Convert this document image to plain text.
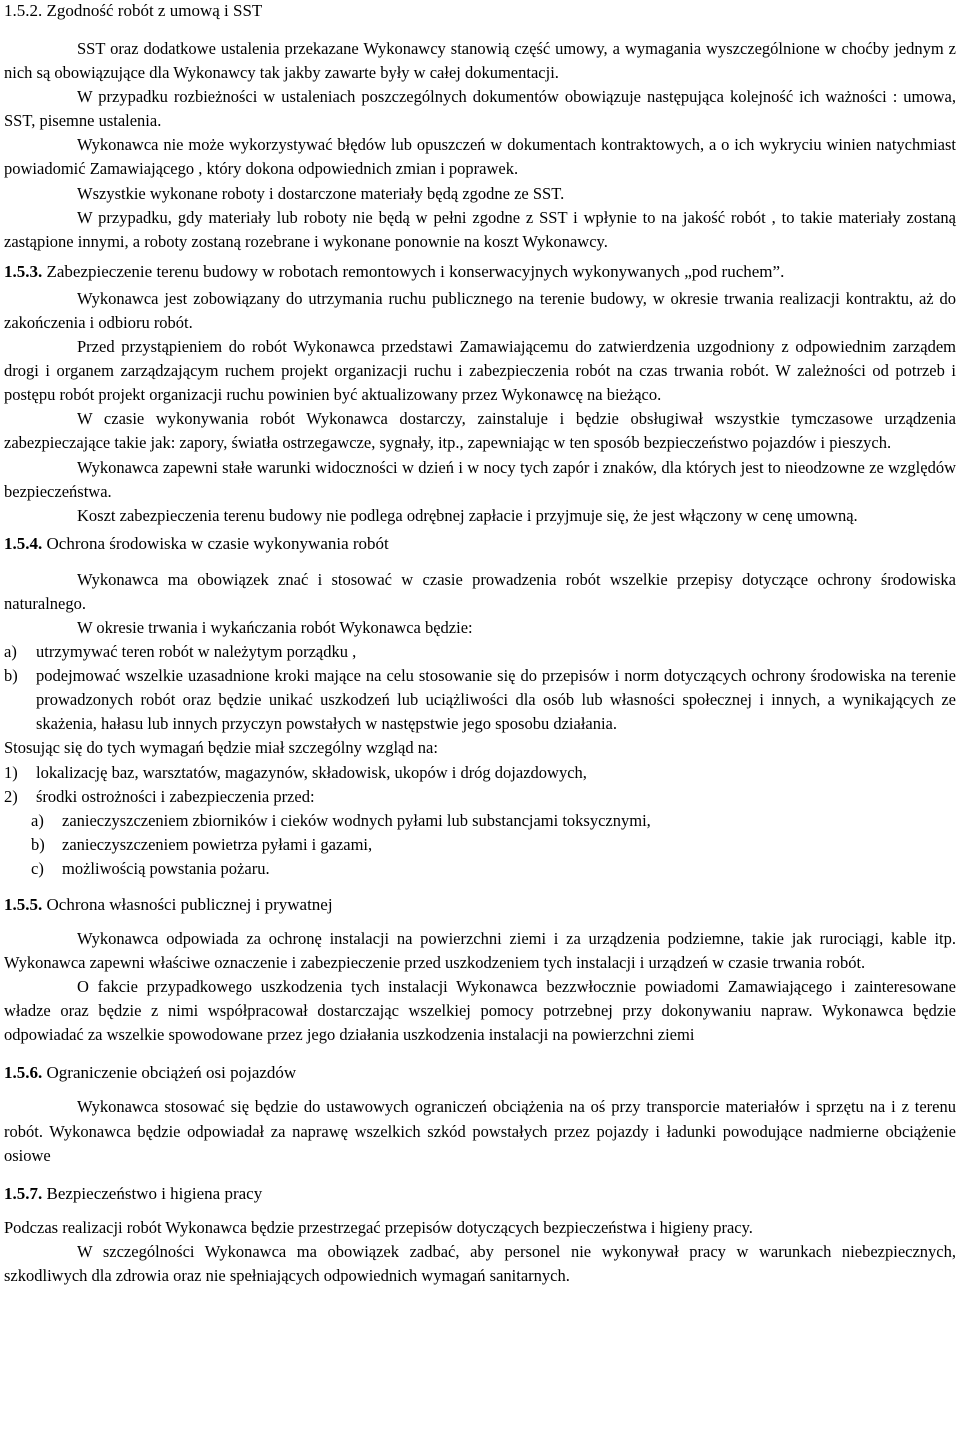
1.5.2. Zgodność robót z umową i SST

SST oraz dodatkowe ustalenia przekazane Wykonawcy stanowią część umowy, a wymagania wyszczególnione w choćby jednym z nich są obowiązujące dla Wykonawcy tak jakby zawarte były w całej dokumentacji.

W przypadku rozbieżności w ustaleniach poszczególnych dokumentów obowiązuje następująca kolejność ich ważności : umowa, SST, pisemne ustalenia.

Wykonawca nie może wykorzystywać błędów lub opuszczeń w dokumentach kontraktowych, a o ich wykryciu winien natychmiast powiadomić Zamawiającego , który dokona odpowiednich zmian i poprawek.

Wszystkie wykonane roboty i dostarczone materiały będą zgodne ze SST.

W przypadku, gdy materiały lub roboty nie będą w pełni zgodne z SST i wpłynie to na jakość robót , to takie materiały zostaną zastąpione innymi, a roboty zostaną rozebrane i wykonane ponownie na koszt Wykonawcy.

1.5.3. Zabezpieczenie terenu budowy w robotach remontowych i konserwacyjnych wykonywanych „pod ruchem”.

Wykonawca jest zobowiązany do utrzymania ruchu publicznego na terenie budowy, w okresie trwania realizacji kontraktu, aż do zakończenia i odbioru robót.

Przed przystąpieniem do robót Wykonawca przedstawi Zamawiającemu do zatwierdzenia uzgodniony z odpowiednim zarządem drogi i organem zarządzającym ruchem projekt organizacji ruchu i zabezpieczenia robót na czas trwania robót. W zależności od potrzeb i postępu robót projekt organizacji ruchu powinien być aktualizowany przez Wykonawcę na bieżąco.

W czasie wykonywania robót Wykonawca dostarczy, zainstaluje i będzie obsługiwał wszystkie tymczasowe urządzenia zabezpieczające takie jak: zapory, światła ostrzegawcze, sygnały, itp., zapewniając w ten sposób bezpieczeństwo pojazdów i pieszych.

Wykonawca zapewni stałe warunki widoczności w dzień i w nocy tych zapór i znaków, dla których jest to nieodzowne ze względów bezpieczeństwa.

Koszt zabezpieczenia terenu budowy nie podlega odrębnej zapłacie i przyjmuje się, że jest włączony w cenę umowną.

1.5.4. Ochrona środowiska w czasie wykonywania robót

Wykonawca ma obowiązek znać i stosować w czasie prowadzenia robót wszelkie przepisy dotyczące ochrony środowiska naturalnego.

W okresie trwania i wykańczania robót Wykonawca będzie:

a) utrzymywać teren robót w należytym porządku ,
b) podejmować wszelkie uzasadnione kroki mające na celu stosowanie się do przepisów i norm dotyczących ochrony środowiska na terenie prowadzonych robót oraz będzie unikać uszkodzeń lub uciążliwości dla osób lub własności społecznej i innych, a wynikających ze skażenia, hałasu lub innych przyczyn powstałych w następstwie jego sposobu działania.

Stosując się do tych wymagań będzie miał szczególny wzgląd na:

1) lokalizację baz, warsztatów, magazynów, składowisk, ukopów i dróg dojazdowych,
2) środki ostrożności i zabezpieczenia przed:
a) zanieczyszczeniem zbiorników i cieków wodnych pyłami lub substancjami toksycznymi,
b) zanieczyszczeniem powietrza pyłami i gazami,
c) możliwością powstania pożaru.
1.5.5. Ochrona własności publicznej i prywatnej

Wykonawca odpowiada za ochronę instalacji na powierzchni ziemi i za urządzenia podziemne, takie jak rurociągi, kable itp. Wykonawca zapewni właściwe oznaczenie i zabezpieczenie przed uszkodzeniem tych instalacji i urządzeń w czasie trwania robót.

O fakcie przypadkowego uszkodzenia tych instalacji Wykonawca bezzwłocznie powiadomi Zamawiającego i zainteresowane władze oraz będzie z nimi współpracował dostarczając wszelkiej pomocy potrzebnej przy dokonywaniu napraw. Wykonawca będzie odpowiadać za wszelkie spowodowane przez jego działania uszkodzenia instalacji na powierzchni ziemi

1.5.6. Ograniczenie obciążeń osi pojazdów

Wykonawca stosować się będzie do ustawowych ograniczeń obciążenia na oś przy transporcie materiałów i sprzętu na i z terenu robót. Wykonawca będzie odpowiadał za naprawę wszelkich szkód powstałych przez pojazdy i ładunki powodujące nadmierne obciążenie osiowe

1.5.7. Bezpieczeństwo i higiena pracy

Podczas realizacji robót Wykonawca będzie przestrzegać przepisów dotyczących bezpieczeństwa i higieny pracy.

W szczególności Wykonawca ma obowiązek zadbać, aby personel nie wykonywał pracy w warunkach niebezpiecznych, szkodliwych dla zdrowia oraz nie spełniających odpowiednich wymagań sanitarnych.
